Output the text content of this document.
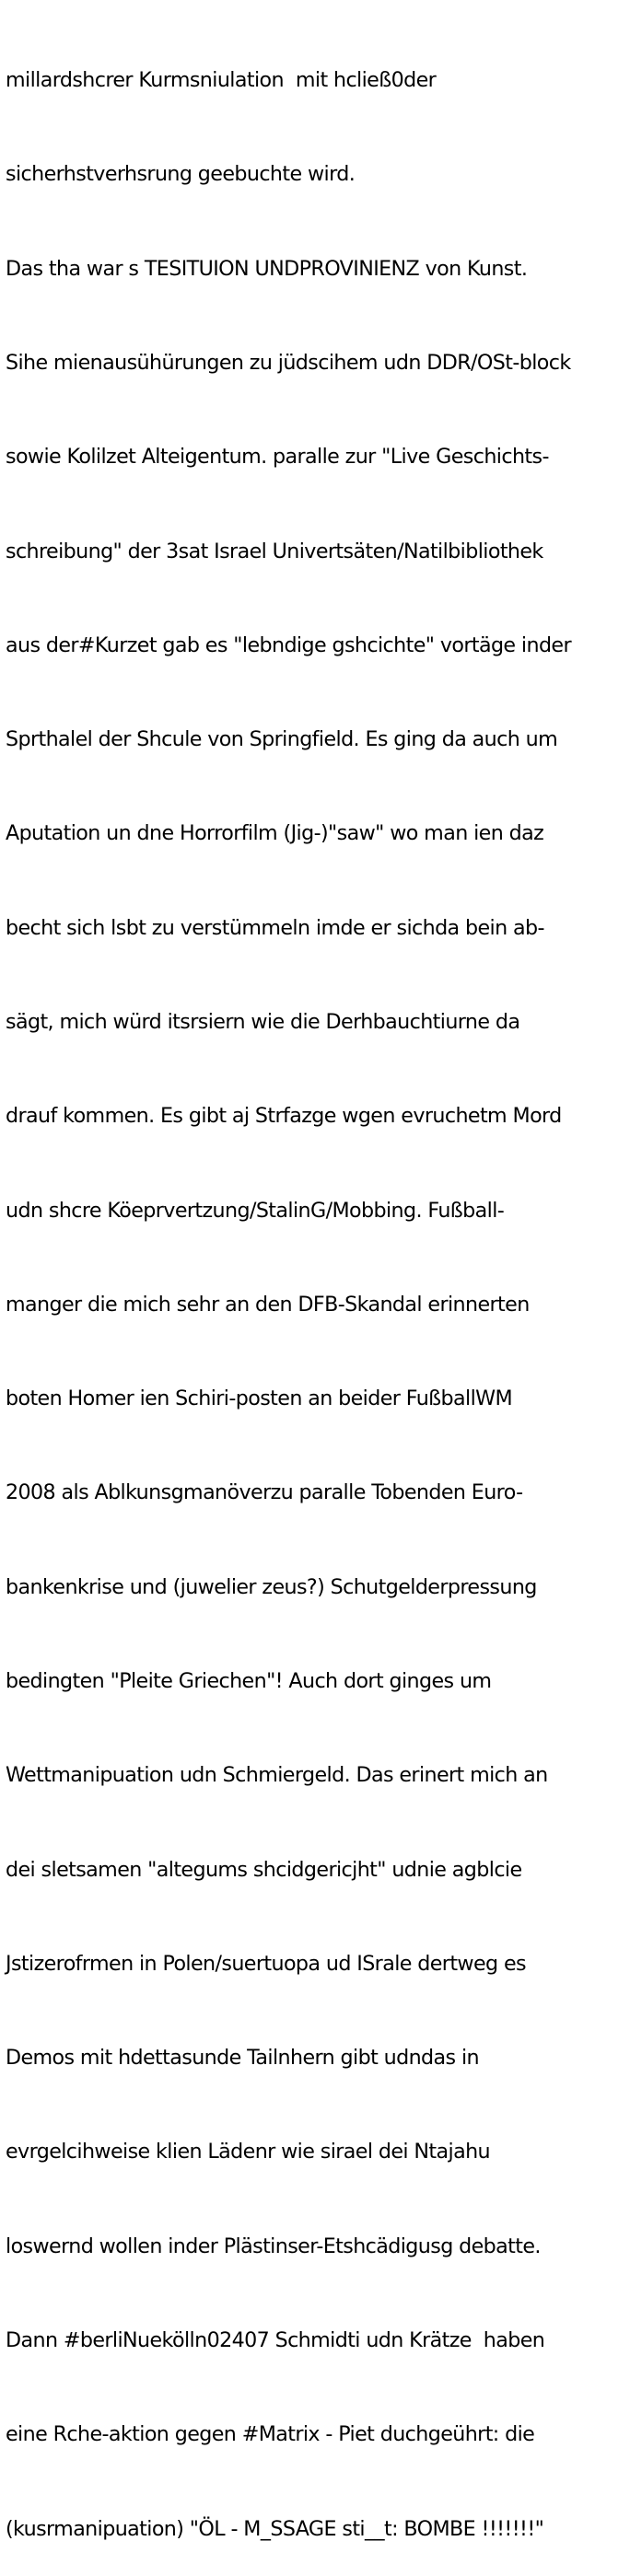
millardshcrer Kurmsniulation  mit hcließ0der

sicherhstverhsrung geebuchte wird.

Das tha war s TESITUION UNDPROVINIENZ von Kunst.

Sihe mienausühürungen zu jüdscihem udn DDR/OSt-block

sowie Kolilzet Alteigentum. paralle zur "Live Geschichts-

schreibung" der 3sat Israel Univertsäten/Natilbibliothek

aus der#Kurzet gab es "lebndige gshcichte" vortäge inder

Sprthalel der Shcule von Springfield. Es ging da auch um

Aputation un dne Horrorfilm (Jig-)"saw" wo man ien daz

becht sich lsbt zu verstümmeln imde er sichda bein ab-

sägt, mich würd itsrsiern wie die Derhbauchtiurne da

drauf kommen. Es gibt aj Strfazge wgen evruchetm Mord

udn shcre Köeprvertzung/StalinG/Mobbing. Fußball-

manger die mich sehr an den DFB-Skandal erinnerten

boten Homer ien Schiri-posten an beider FußballWM

2008 als Ablkunsgmanöverzu paralle Tobenden Euro-

bankenkrise und (juwelier zeus?) Schutgelderpressung

bedingten "Pleite Griechen"! Auch dort ginges um

Wettmanipuation udn Schmiergeld. Das erinert mich an

dei sletsamen "altegums shcidgericjht" udnie agblcie

Jstizerofrmen in Polen/suertuopa ud ISrale dertweg es

Demos mit hdettasunde Tailnhern gibt udndas in

evrgelcihweise klien Lädenr wie sirael dei Ntajahu

loswernd wollen inder Plästinser-Etshcädigusg debatte.

Dann #berliNuekölln02407 Schmidti udn Krätze  haben

eine Rche-aktion gegen #Matrix - Piet duchgeührt: die

(kusrmanipuation) "ÖL - M_SSAGE sti__t: BOMBE !!!!!!!"
